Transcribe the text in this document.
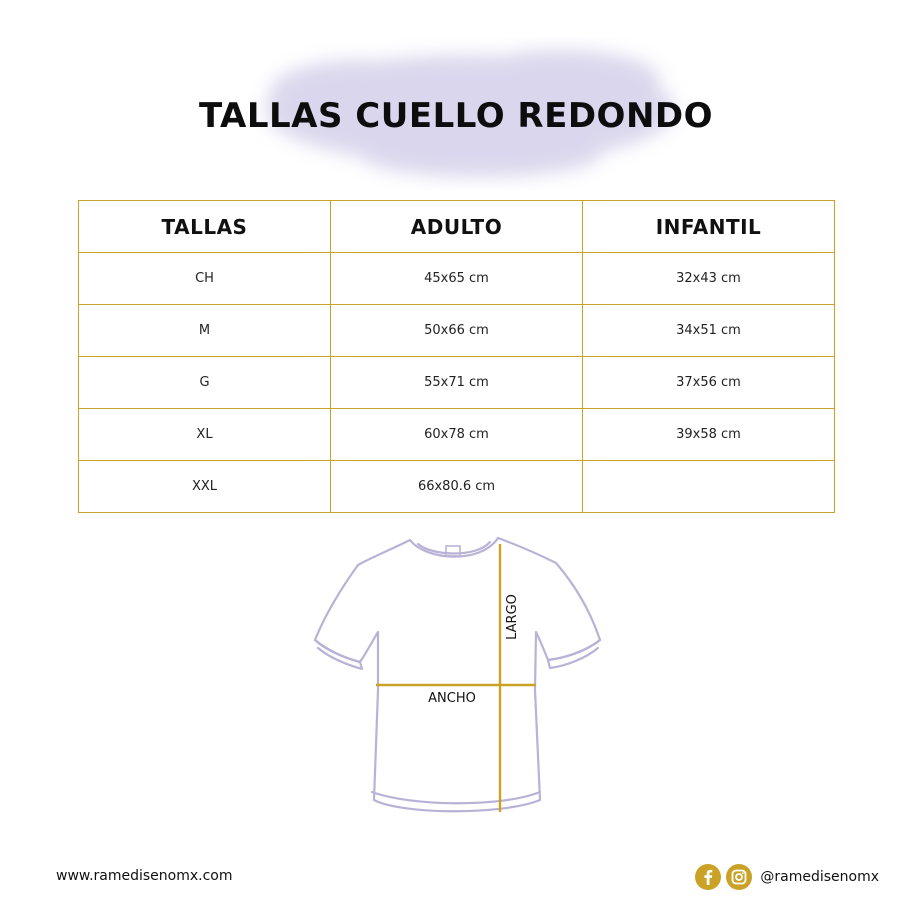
TALLAS CUELLO REDONDO
TALLAS	ADULTO	INFANTIL
CH	45x65 cm	32x43 cm
M	50x66 cm	34x51 cm
G	55x71 cm	37x56 cm
XL	60x78 cm	39x58 cm
XXL	66x80.6 cm	
LARGO
ANCHO
www.ramedisenomx.com	@ramedisenomx
